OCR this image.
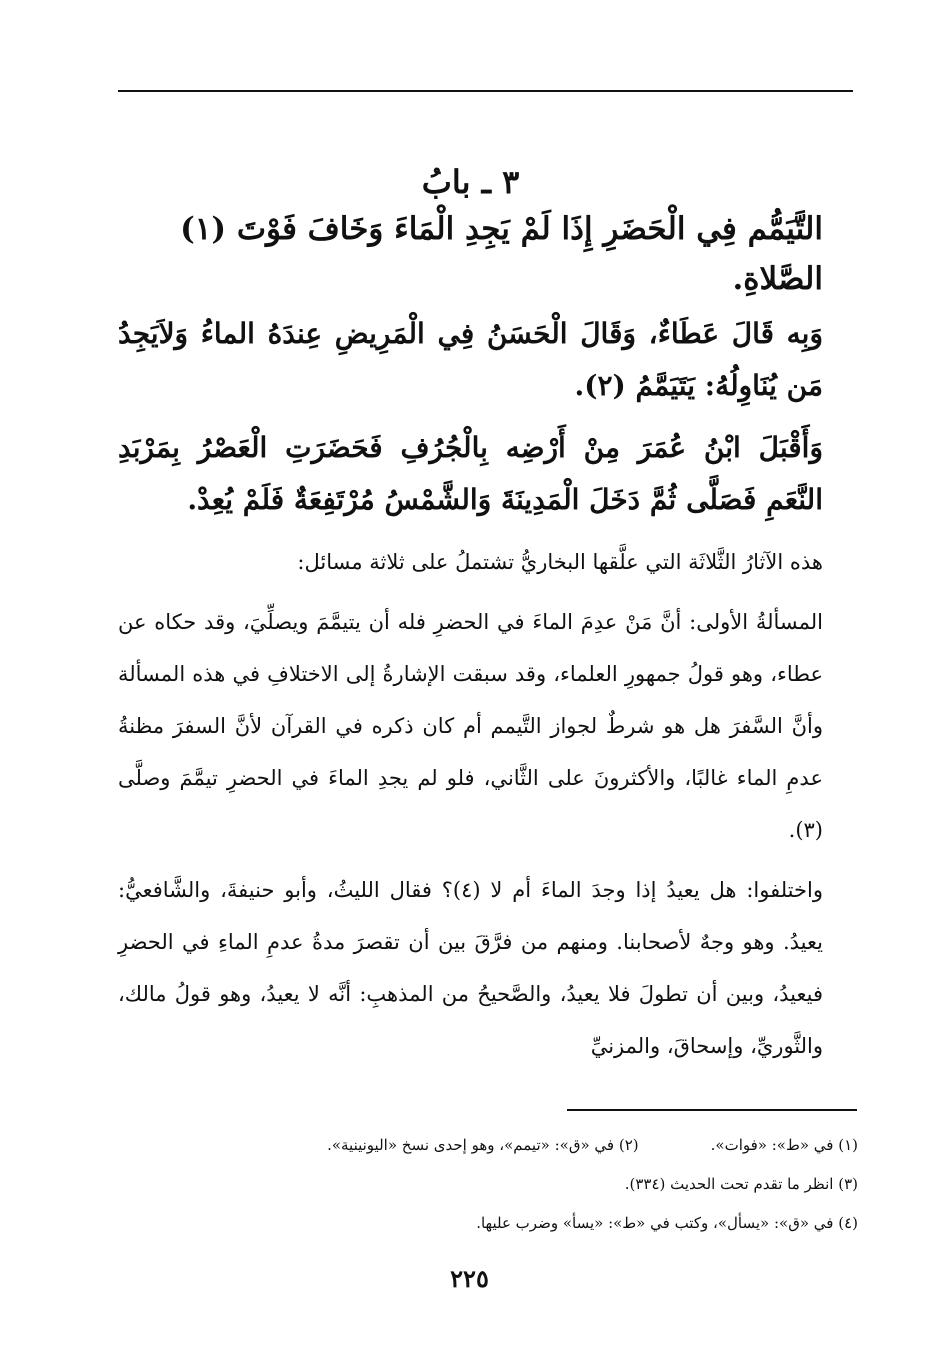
٣ ـ بابُ
التَّيَمُّم فِي الْحَضَرِ إِذَا لَمْ يَجِدِ الْمَاءَ وَخَافَ فَوْتَ (١) الصَّلاةِ.

وَبِه قَالَ عَطَاءٌ، وَقَالَ الْحَسَنُ فِي الْمَرِيضِ عِندَهُ الماءُ وَلاَيَجِدُ مَن يُنَاوِلُهُ: يَتَيَمَّمُ (٢).

وَأَقْبَلَ ابْنُ عُمَرَ مِنْ أَرْضِه بِالْجُرُفِ فَحَضَرَتِ الْعَصْرُ بِمَرْبَدِ النَّعَمِ فَصَلَّى ثُمَّ دَخَلَ الْمَدِينَةَ وَالشَّمْسُ مُرْتَفِعَةٌ فَلَمْ يُعِدْ.

هذه الآثارُ الثَّلاثَة التي علَّقها البخاريُّ تشتملُ على ثلاثة مسائل:

المسألةُ الأولى: أنَّ مَنْ عدِمَ الماءَ في الحضرِ فله أن يتيمَّمَ ويصلِّيَ، وقد حكاه عن عطاء، وهو قولُ جمهورِ العلماء، وقد سبقت الإشارةُ إلى الاختلافِ في هذه المسألة وأنَّ السَّفرَ هل هو شرطٌ لجواز التَّيمم أم كان ذكره في القرآن لأنَّ السفرَ مظنةُ عدمِ الماء غالبًا، والأكثرونَ على الثَّاني، فلو لم يجدِ الماءَ في الحضرِ تيمَّمَ وصلَّى (٣).

واختلفوا: هل يعيدُ إذا وجدَ الماءَ أم لا (٤)؟ فقال الليثُ، وأبو حنيفةَ، والشَّافعيُّ: يعيدُ. وهو وجهٌ لأصحابنا. ومنهم من فرَّقَ بين أن تقصرَ مدةُ عدمِ الماءِ في الحضرِ فيعيدُ، وبين أن تطولَ فلا يعيدُ، والصَّحيحُ من المذهبِ: أنَّه لا يعيدُ، وهو قولُ مالك، والثَّوريِّ، وإسحاقَ، والمزنيِّ

(١) في «ط»: «فوات».
(٢) في «ق»: «تيمم»، وهو إحدى نسخ «اليونينية».
(٣) انظر ما تقدم تحت الحديث (٣٣٤).
(٤) في «ق»: «يسأل»، وكتب في «ط»: «يسأ» وضرب عليها.
٢٢٥
